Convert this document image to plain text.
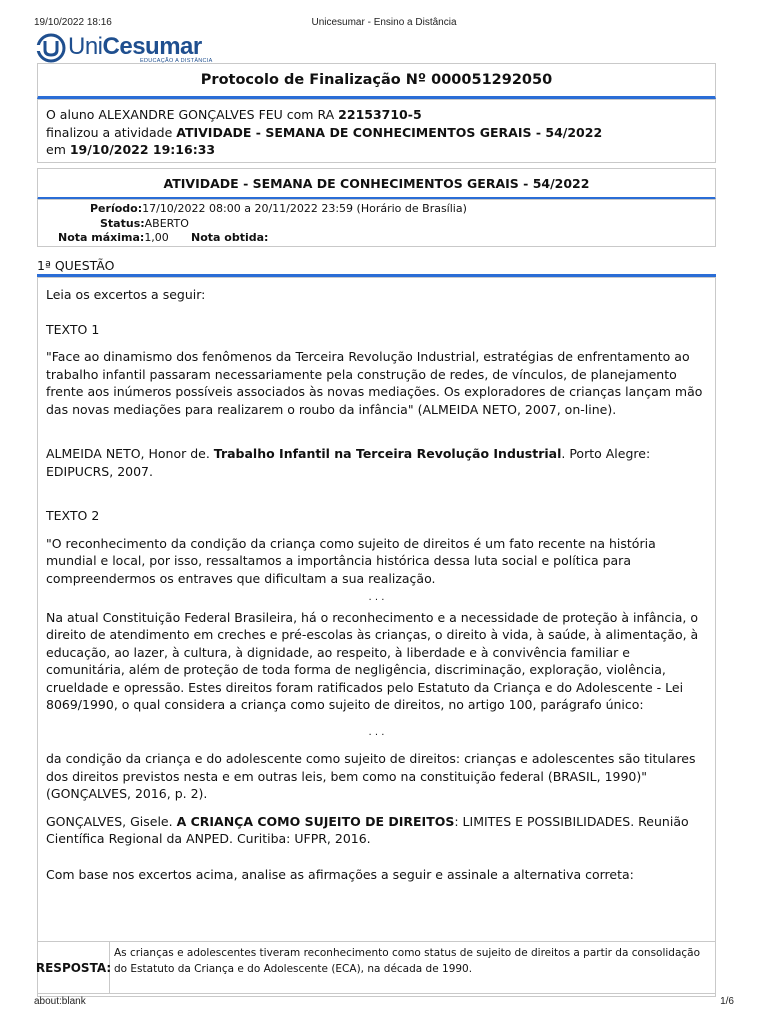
19/10/2022 18:16	Unicesumar - Ensino a Distância
UniCesumar
EDUCAÇÃO A DISTÂNCIA
Protocolo de Finalização Nº 000051292050
O aluno ALEXANDRE GONÇALVES FEU com RA 22153710-5
finalizou a atividade ATIVIDADE - SEMANA DE CONHECIMENTOS GERAIS - 54/2022
em 19/10/2022 19:16:33
ATIVIDADE - SEMANA DE CONHECIMENTOS GERAIS - 54/2022
Período:17/10/2022 08:00 a 20/11/2022 23:59 (Horário de Brasília)
Status:ABERTO
Nota máxima:1,00 Nota obtida:
1ª QUESTÃO

Leia os excertos a seguir:

TEXTO 1

"Face ao dinamismo dos fenômenos da Terceira Revolução Industrial, estratégias de enfrentamento ao trabalho infantil passaram necessariamente pela construção de redes, de vínculos, de planejamento frente aos inúmeros possíveis associados às novas mediações. Os exploradores de crianças lançam mão das novas mediações para realizarem o roubo da infância" (ALMEIDA NETO, 2007, on-line).

ALMEIDA NETO, Honor de. Trabalho Infantil na Terceira Revolução Industrial. Porto Alegre: EDIPUCRS, 2007.

TEXTO 2

"O reconhecimento da condição da criança como sujeito de direitos é um fato recente na história mundial e local, por isso, ressaltamos a importância histórica dessa luta social e política para compreendermos os entraves que dificultam a sua realização.

. . .

Na atual Constituição Federal Brasileira, há o reconhecimento e a necessidade de proteção à infância, o direito de atendimento em creches e pré-escolas às crianças, o direito à vida, à saúde, à alimentação, à educação, ao lazer, à cultura, à dignidade, ao respeito, à liberdade e à convivência familiar e comunitária, além de proteção de toda forma de negligência, discriminação, exploração, violência, crueldade e opressão. Estes direitos foram ratificados pelo Estatuto da Criança e do Adolescente - Lei 8069/1990, o qual considera a criança como sujeito de direitos, no artigo 100, parágrafo único:

. . .

da condição da criança e do adolescente como sujeito de direitos: crianças e adolescentes são titulares dos direitos previstos nesta e em outras leis, bem como na constituição federal (BRASIL, 1990)" (GONÇALVES, 2016, p. 2).

GONÇALVES, Gisele. A CRIANÇA COMO SUJEITO DE DIREITOS: LIMITES E POSSIBILIDADES. Reunião Científica Regional da ANPED. Curitiba: UFPR, 2016.

Com base nos excertos acima, analise as afirmações a seguir e assinale a alternativa correta:

RESPOSTA:
As crianças e adolescentes tiveram reconhecimento como status de sujeito de direitos a partir da consolidação do Estatuto da Criança e do Adolescente (ECA), na década de 1990.
about:blank	1/6
